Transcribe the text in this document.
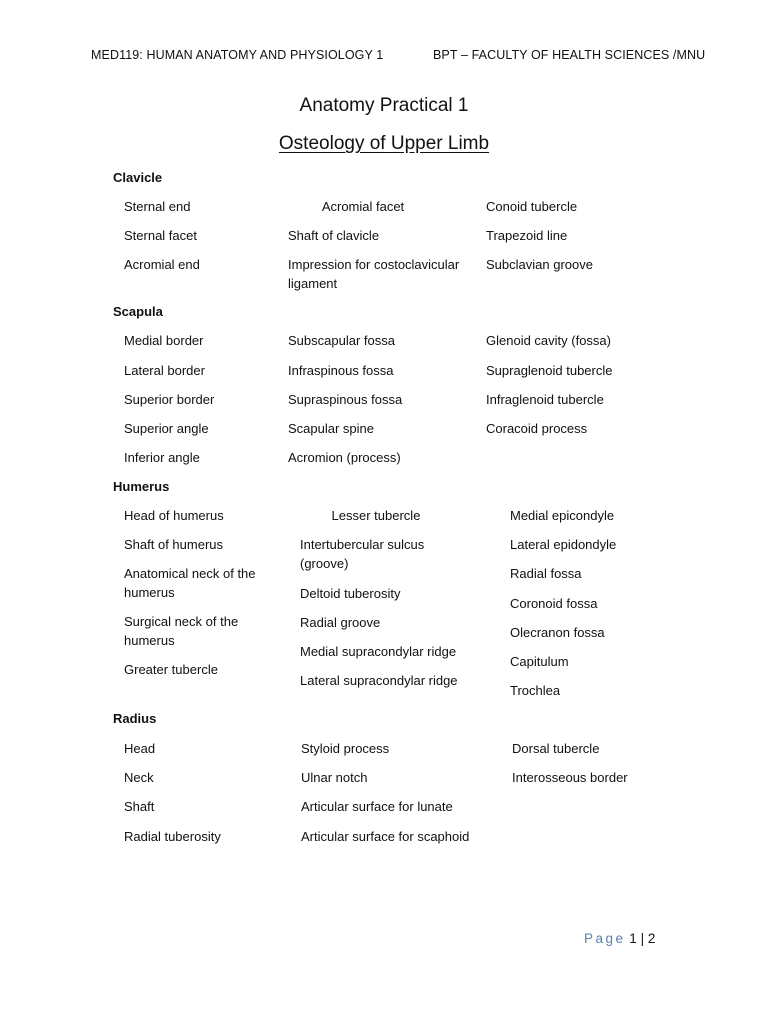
MED119: HUMAN ANATOMY AND PHYSIOLOGY 1	BPT – FACULTY OF HEALTH SCIENCES /MNU
Anatomy Practical 1
Osteology of Upper Limb
Clavicle
Sternal end
Sternal facet
Acromial end
Acromial facet
Shaft of clavicle
Impression for costoclavicular ligament
Conoid tubercle
Trapezoid line
Subclavian groove
Scapula
Medial border
Lateral border
Superior border
Superior angle
Inferior angle
Subscapular fossa
Infraspinous fossa
Supraspinous fossa
Scapular spine
Acromion (process)
Glenoid cavity (fossa)
Supraglenoid tubercle
Infraglenoid tubercle
Coracoid process
Humerus
Head of humerus
Shaft of humerus
Anatomical neck of the humerus
Surgical neck of the humerus
Greater tubercle
Lesser tubercle
Intertubercular sulcus (groove)
Deltoid tuberosity
Radial groove
Medial supracondylar ridge
Lateral supracondylar ridge
Medial epicondyle
Lateral epidondyle
Radial fossa
Coronoid fossa
Olecranon fossa
Capitulum
Trochlea
Radius
Head
Neck
Shaft
Radial tuberosity
Styloid process
Ulnar notch
Articular surface for lunate
Articular surface for scaphoid
Dorsal tubercle
Interosseous border
Page 1 | 2
